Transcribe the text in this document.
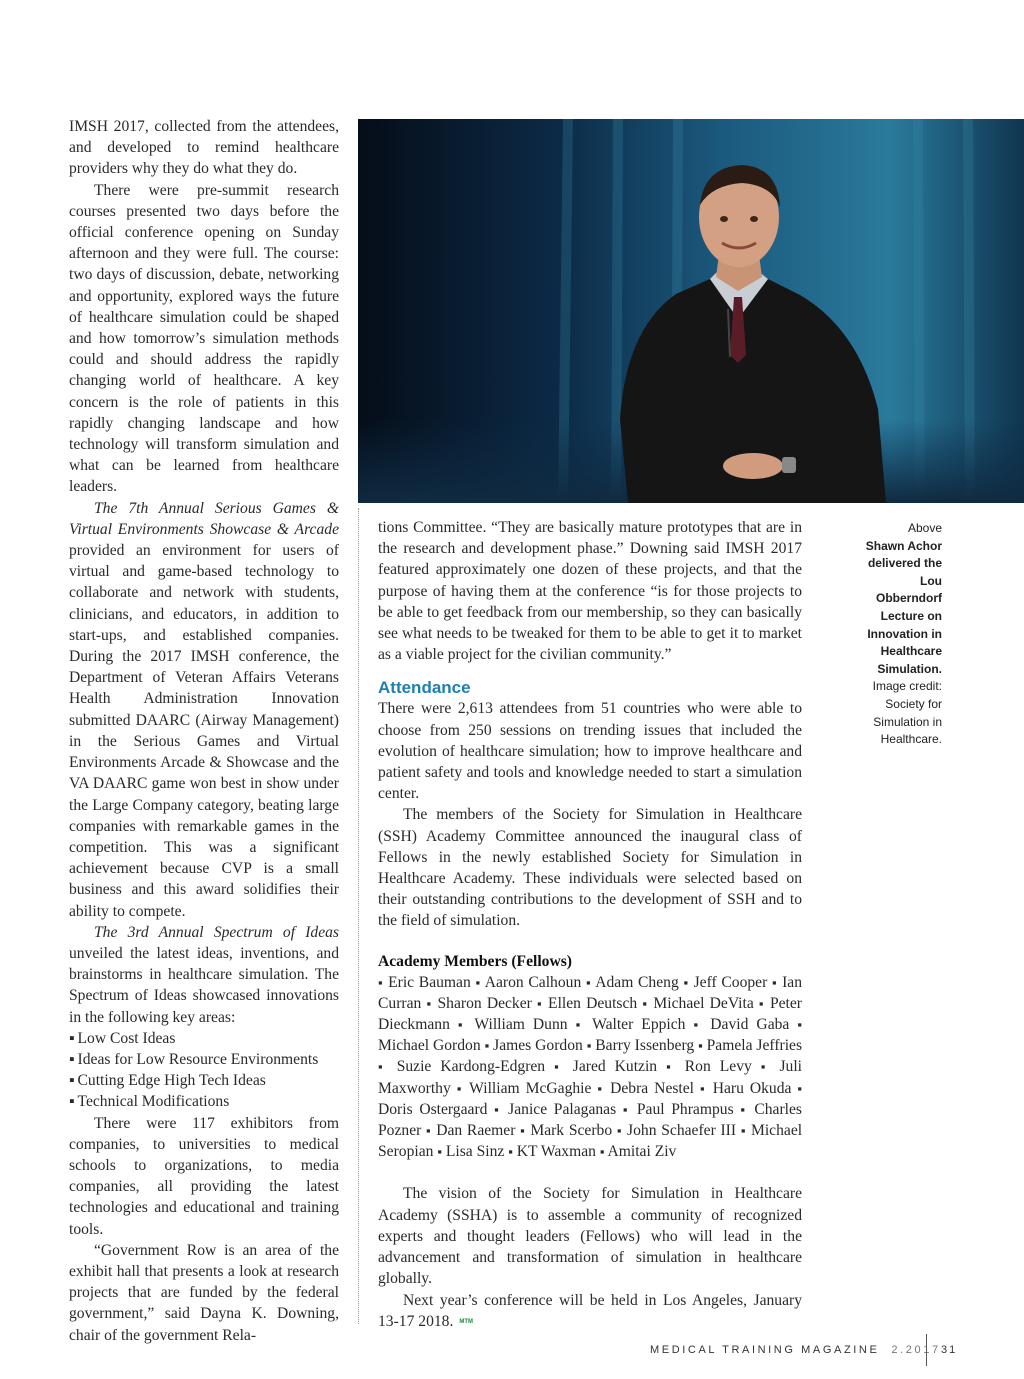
IMSH 2017, collected from the attendees, and developed to remind healthcare providers why they do what they do.

There were pre-summit research courses presented two days before the official conference opening on Sunday afternoon and they were full. The course: two days of discussion, debate, networking and opportunity, explored ways the future of healthcare simulation could be shaped and how tomorrow’s simulation methods could and should address the rapidly changing world of healthcare. A key concern is the role of patients in this rapidly changing landscape and how technology will transform simulation and what can be learned from healthcare leaders.

The 7th Annual Serious Games & Virtual Environments Showcase & Arcade provided an environment for users of virtual and game-based technology to collaborate and network with students, clinicians, and educators, in addition to start-ups, and established companies. During the 2017 IMSH conference, the Department of Veteran Affairs Veterans Health Administration Innovation submitted DAARC (Airway Management) in the Serious Games and Virtual Environments Arcade & Showcase and the VA DAARC game won best in show under the Large Company category, beating large companies with remarkable games in the competition. This was a significant achievement because CVP is a small business and this award solidifies their ability to compete.

The 3rd Annual Spectrum of Ideas unveiled the latest ideas, inventions, and brainstorms in healthcare simulation. The Spectrum of Ideas showcased innovations in the following key areas:

▪ Low Cost Ideas
▪ Ideas for Low Resource Environments
▪ Cutting Edge High Tech Ideas
▪ Technical Modifications

There were 117 exhibitors from companies, to universities to medical schools to organizations, to media companies, all providing the latest technologies and educational and training tools.

“Government Row is an area of the exhibit hall that presents a look at research projects that are funded by the federal government,” said Dayna K. Downing, chair of the government Rela-

tions Committee. “They are basically mature prototypes that are in the research and development phase.” Downing said IMSH 2017 featured approximately one dozen of these projects, and that the purpose of having them at the conference “is for those projects to be able to get feedback from our membership, so they can basically see what needs to be tweaked for them to be able to get it to market as a viable project for the civilian community.”

Attendance

There were 2,613 attendees from 51 countries who were able to choose from 250 sessions on trending issues that included the evolution of healthcare simulation; how to improve healthcare and patient safety and tools and knowledge needed to start a simulation center.

The members of the Society for Simulation in Healthcare (SSH) Academy Committee announced the inaugural class of Fellows in the newly established Society for Simulation in Healthcare Academy. These individuals were selected based on their outstanding contributions to the development of SSH and to the field of simulation.

Academy Members (Fellows)

▪ Eric Bauman ▪ Aaron Calhoun ▪ Adam Cheng ▪ Jeff Cooper ▪ Ian Curran ▪ Sharon Decker ▪ Ellen Deutsch ▪ Michael DeVita ▪ Peter Dieckmann ▪ William Dunn ▪ Walter Eppich ▪ David Gaba ▪ Michael Gordon ▪ James Gordon ▪ Barry Issenberg ▪ Pamela Jeffries ▪ Suzie Kardong-Edgren ▪ Jared Kutzin ▪ Ron Levy ▪ Juli Maxworthy ▪ William McGaghie ▪ Debra Nestel ▪ Haru Okuda ▪ Doris Ostergaard ▪ Janice Palaganas ▪ Paul Phrampus ▪ Charles Pozner ▪ Dan Raemer ▪ Mark Scerbo ▪ John Schaefer III ▪ Michael Seropian ▪ Lisa Sinz ▪ KT Waxman ▪ Amitai Ziv

The vision of the Society for Simulation in Healthcare Academy (SSHA) is to assemble a community of recognized experts and thought leaders (Fellows) who will lead in the advancement and transformation of simulation in healthcare globally.

Next year’s conference will be held in Los Angeles, January 13-17 2018. MTM

Above
Shawn Achor delivered the Lou Obberndorf Lecture on Innovation in Healthcare Simulation.
Image credit: Society for Simulation in Healthcare.
MEDICAL TRAINING MAGAZINE 2.2017 31
